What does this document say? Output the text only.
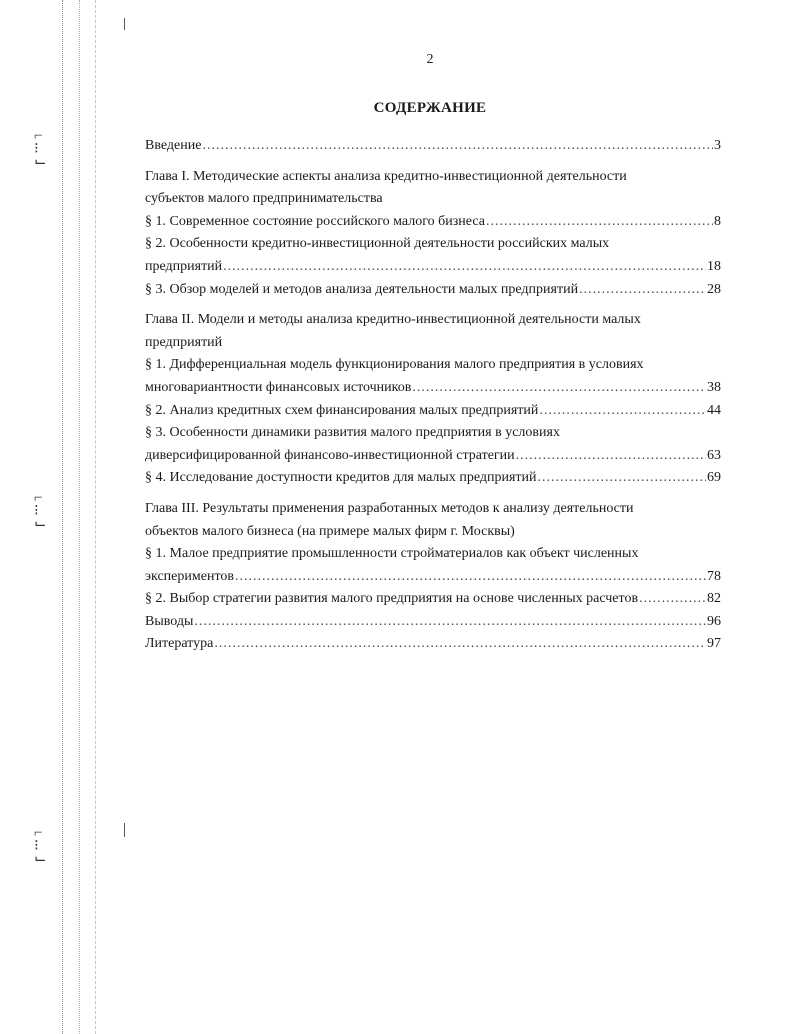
⌐
⁝
⌙
⌐
⁝
⌙
⌐
⁝
⌙
2
СОДЕРЖАНИЕ
Введение .....	3
Глава I. Методические аспекты анализа кредитно-инвестиционной деятельности
субъектов малого предпринимательства
§ 1. Современное состояние российского малого бизнеса .....	8
§ 2. Особенности кредитно-инвестиционной деятельности российских малых
предприятий .....	18
§ 3. Обзор моделей и методов анализа деятельности малых предприятий .....	28
Глава II. Модели и методы анализа кредитно-инвестиционной деятельности малых
предприятий
§ 1. Дифференциальная модель функционирования малого предприятия в условиях
многовариантности финансовых источников .....	38
§ 2. Анализ кредитных схем финансирования малых предприятий .....	44
§ 3. Особенности динамики развития малого предприятия в условиях
диверсифицированной финансово-инвестиционной стратегии .....	63
§ 4. Исследование доступности кредитов для малых предприятий .....	69
Глава III. Результаты применения разработанных методов к анализу деятельности
объектов малого бизнеса (на примере малых фирм г. Москвы)
§ 1. Малое предприятие промышленности стройматериалов как объект численных
экспериментов .....	78
§ 2. Выбор стратегии развития малого предприятия на основе численных расчетов .....	82
Выводы .....	96
Литература .....	97
